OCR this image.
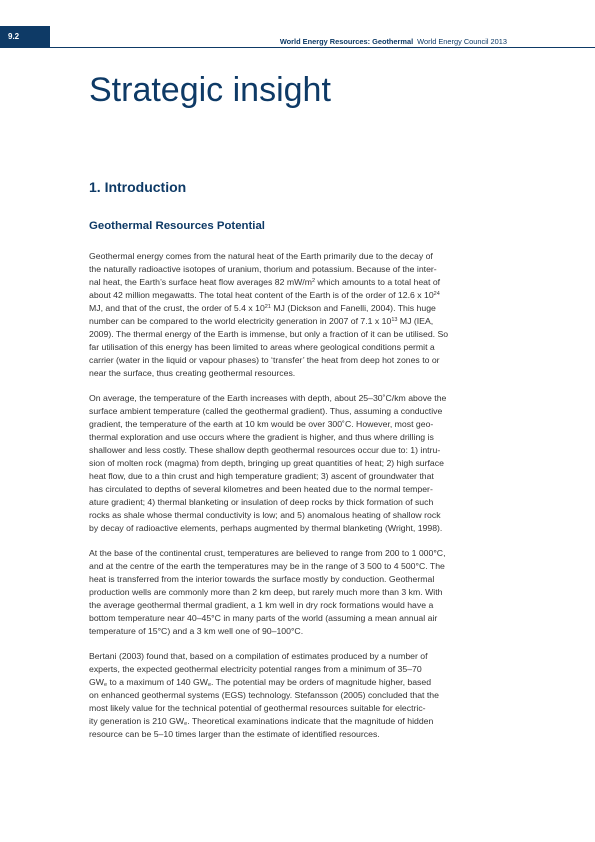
9.2
World Energy Resources: Geothermal World Energy Council 2013
Strategic insight
1. Introduction
Geothermal Resources Potential

Geothermal energy comes from the natural heat of the Earth primarily due to the decay of
the naturally radioactive isotopes of uranium, thorium and potassium. Because of the inter-
nal heat, the Earth’s surface heat flow averages 82 $mW/m^2$ which amounts to a total heat of
about 42 million megawatts. The total heat content of the Earth is of the order of 12.6 x $10^{24}$
MJ, and that of the crust, the order of 5.4 x $10^{21}$ MJ (Dickson and Fanelli, 2004). This huge
number can be compared to the world electricity generation in 2007 of 7.1 x $10^{13}$ MJ (IEA,
2009). The thermal energy of the Earth is immense, but only a fraction of it can be utilised. So
far utilisation of this energy has been limited to areas where geological conditions permit a
carrier (water in the liquid or vapour phases) to ‘transfer’ the heat from deep hot zones to or
near the surface, thus creating geothermal resources.

On average, the temperature of the Earth increases with depth, about 25–30˚C/km above the
surface ambient temperature (called the geothermal gradient). Thus, assuming a conductive
gradient, the temperature of the earth at 10 km would be over 300˚C. However, most geo-
thermal exploration and use occurs where the gradient is higher, and thus where drilling is
shallower and less costly. These shallow depth geothermal resources occur due to: 1) intru-
sion of molten rock (magma) from depth, bringing up great quantities of heat; 2) high surface
heat flow, due to a thin crust and high temperature gradient; 3) ascent of groundwater that
has circulated to depths of several kilometres and been heated due to the normal temper-
ature gradient; 4) thermal blanketing or insulation of deep rocks by thick formation of such
rocks as shale whose thermal conductivity is low; and 5) anomalous heating of shallow rock
by decay of radioactive elements, perhaps augmented by thermal blanketing (Wright, 1998).

At the base of the continental crust, temperatures are believed to range from 200 to 1 000°C,
and at the centre of the earth the temperatures may be in the range of 3 500 to 4 500°C. The
heat is transferred from the interior towards the surface mostly by conduction. Geothermal
production wells are commonly more than 2 km deep, but rarely much more than 3 km. With
the average geothermal thermal gradient, a 1 km well in dry rock formations would have a
bottom temperature near 40–45°C in many parts of the world (assuming a mean annual air
temperature of 15°C) and a 3 km well one of 90–100°C.

Bertani (2003) found that, based on a compilation of estimates produced by a number of
experts, the expected geothermal electricity potential ranges from a minimum of 35–70
$GW_e$ to a maximum of 140 $GW_e$. The potential may be orders of magnitude higher, based
on enhanced geothermal systems (EGS) technology. Stefansson (2005) concluded that the
most likely value for the technical potential of geothermal resources suitable for electric-
ity generation is 210 $GW_e$. Theoretical examinations indicate that the magnitude of hidden
resource can be 5–10 times larger than the estimate of identified resources.
